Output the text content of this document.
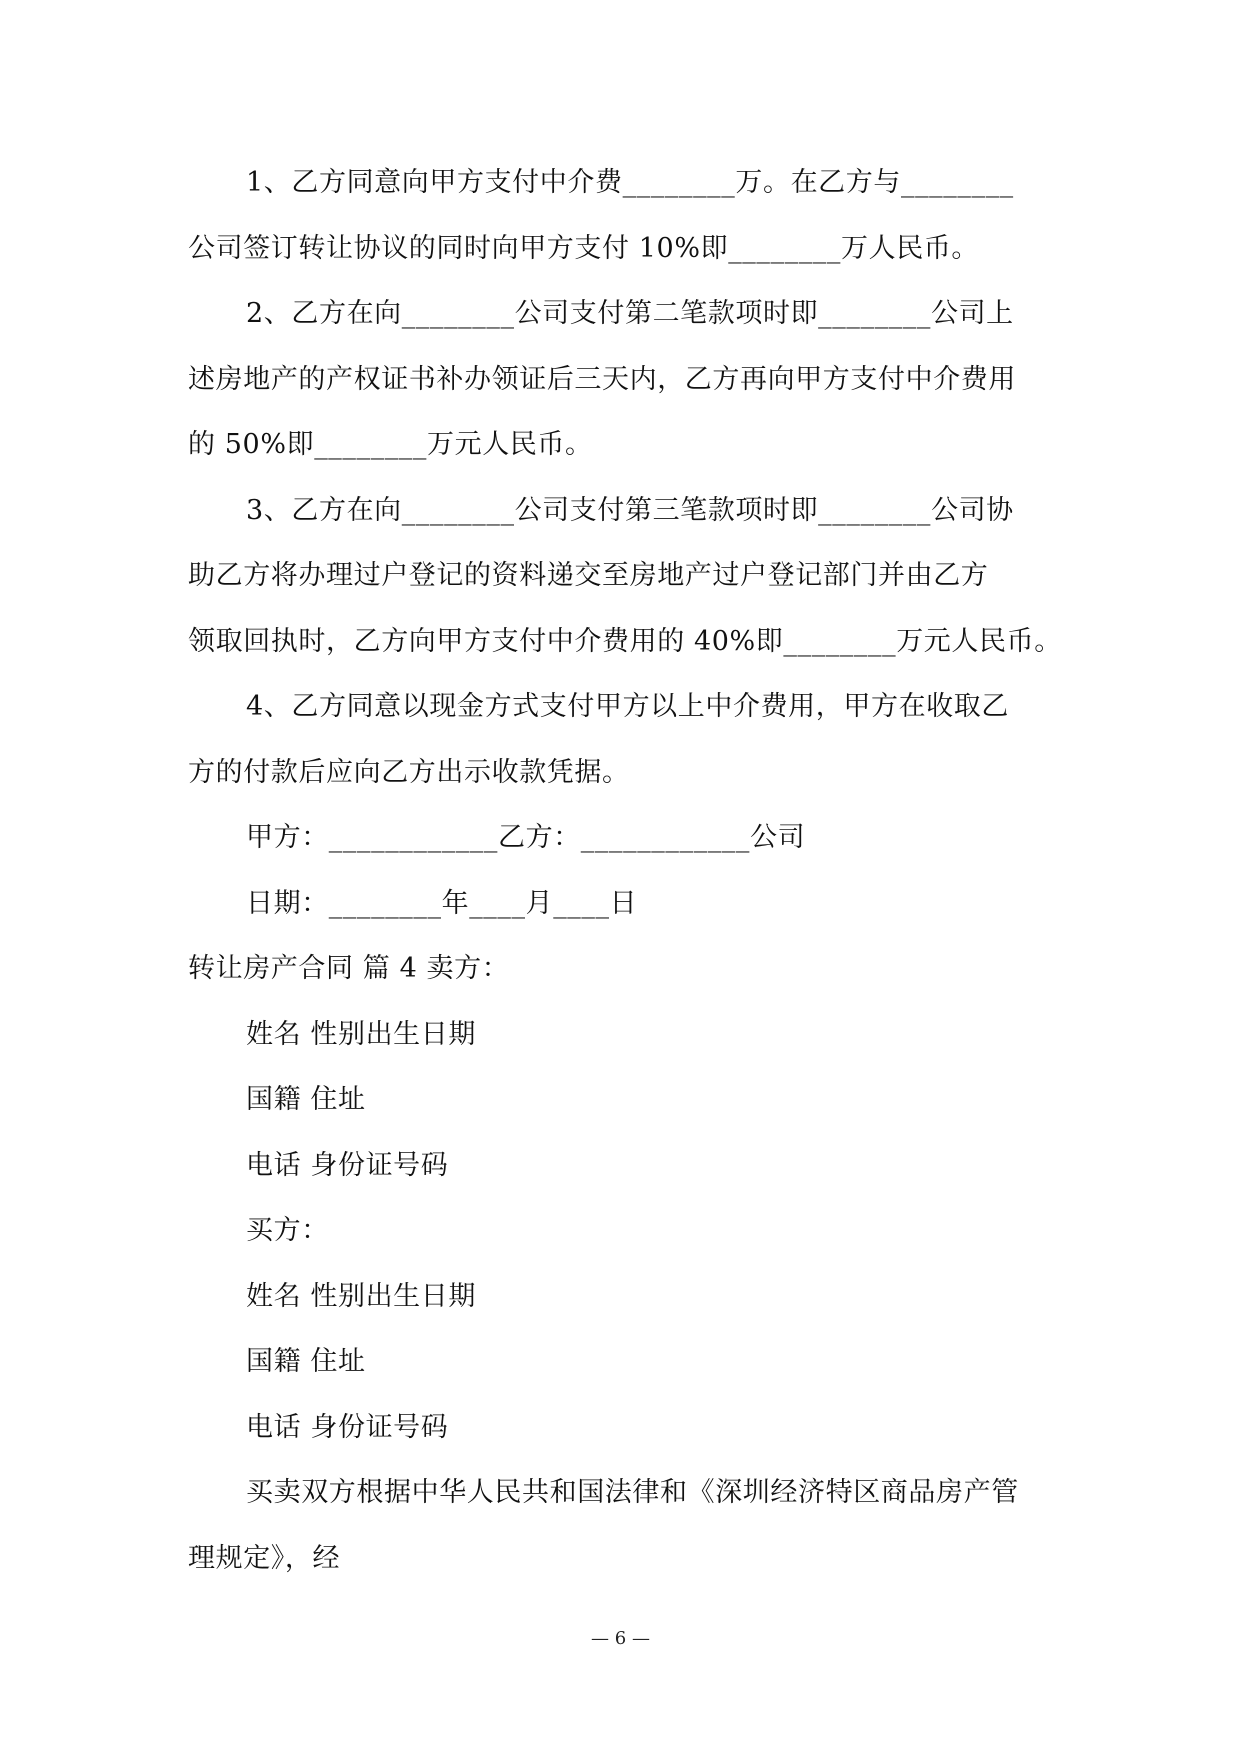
1、乙方同意向甲方支付中介费________万。在乙方与________
公司签订转让协议的同时向甲方支付 10%即________万人民币。
2、乙方在向________公司支付第二笔款项时即________公司上
述房地产的产权证书补办领证后三天内，乙方再向甲方支付中介费用
的 50%即________万元人民币。
3、乙方在向________公司支付第三笔款项时即________公司协
助乙方将办理过户登记的资料递交至房地产过户登记部门并由乙方
领取回执时，乙方向甲方支付中介费用的 40%即________万元人民币。
4、乙方同意以现金方式支付甲方以上中介费用，甲方在收取乙
方的付款后应向乙方出示收款凭据。
甲方：____________乙方：____________公司
日期：________年____月____日
转让房产合同 篇 4 卖方：
姓名 性别出生日期
国籍 住址
电话 身份证号码
买方：
姓名 性别出生日期
国籍 住址
电话 身份证号码
买卖双方根据中华人民共和国法律和《深圳经济特区商品房产管
理规定》，经
— 6 —
